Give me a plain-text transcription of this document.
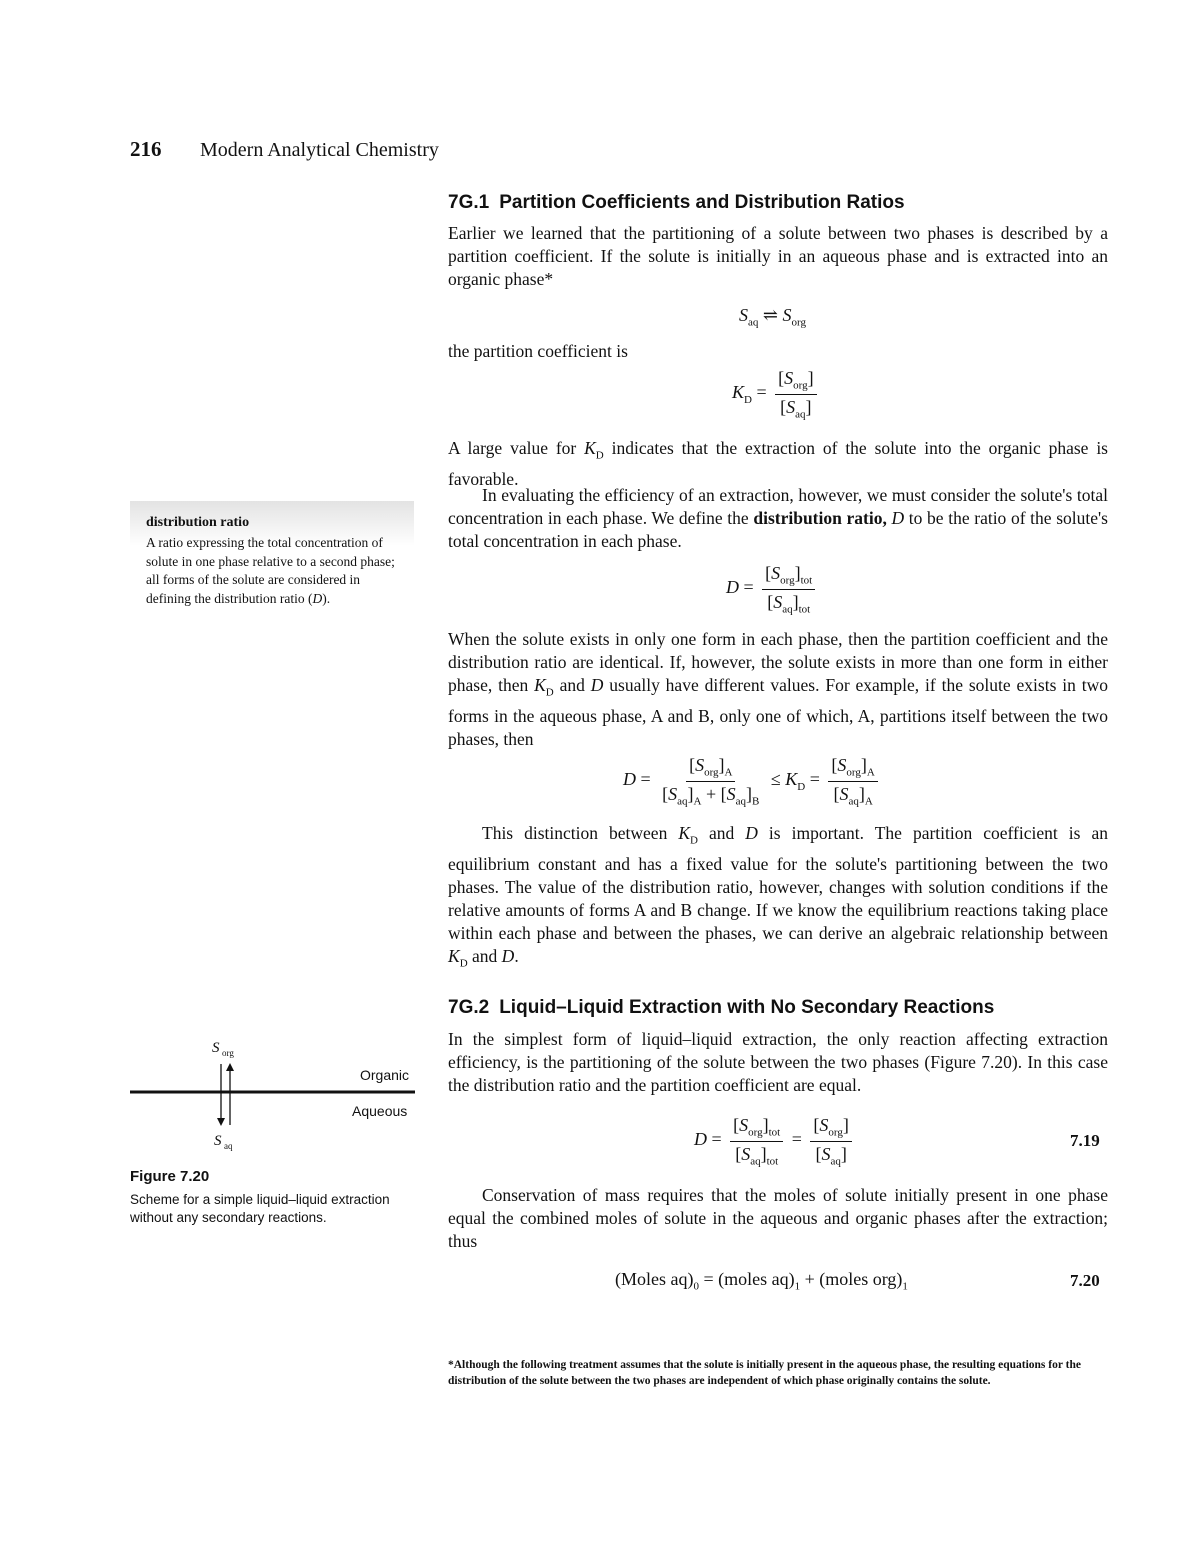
216 Modern Analytical Chemistry
7G.1 Partition Coefficients and Distribution Ratios

Earlier we learned that the partitioning of a solute between two phases is described by a partition coefficient. If the solute is initially in an aqueous phase and is extracted into an organic phase*

$S_{aq}$ ⇌ $S_{org}$
the partition coefficient is
$K_D = \frac{[S_{org}]}{[S_{aq}]}$

A large value for $K_D$ indicates that the extraction of the solute into the organic phase is favorable.

In evaluating the efficiency of an extraction, however, we must consider the solute's total concentration in each phase. We define the distribution ratio, D to be the ratio of the solute's total concentration in each phase.

$D = \frac{[S_{org}]_{tot}}{[S_{aq}]_{tot}}$

When the solute exists in only one form in each phase, then the partition coefficient and the distribution ratio are identical. If, however, the solute exists in more than one form in either phase, then $K_D$ and D usually have different values. For example, if the solute exists in two forms in the aqueous phase, A and B, only one of which, A, partitions itself between the two phases, then

$D = \frac{[S_{org}]_A}{[S_{aq}]_A + [S_{aq}]_B} \le K_D = \frac{[S_{org}]_A}{[S_{aq}]_A}$

This distinction between $K_D$ and D is important. The partition coefficient is an equilibrium constant and has a fixed value for the solute's partitioning between the two phases. The value of the distribution ratio, however, changes with solution conditions if the relative amounts of forms A and B change. If we know the equilibrium reactions taking place within each phase and between the phases, we can derive an algebraic relationship between $K_D$ and D.

7G.2 Liquid–Liquid Extraction with No Secondary Reactions

In the simplest form of liquid–liquid extraction, the only reaction affecting extraction efficiency, is the partitioning of the solute between the two phases (Figure 7.20). In this case the distribution ratio and the partition coefficient are equal.

$D = \frac{[S_{org}]_{tot}}{[S_{aq}]_{tot}} = \frac{[S_{org}]}{[S_{aq}]}$	7.19

Conservation of mass requires that the moles of solute initially present in one phase equal the combined moles of solute in the aqueous and organic phases after the extraction; thus

(Moles $aq)_0$ = (moles $aq)_1$ + (moles $org)_1$	7.20
*Although the following treatment assumes that the solute is initially present in the aqueous phase, the resulting equations for the distribution of the solute between the two phases are independent of which phase originally contains the solute.
distribution ratio
A ratio expressing the total concentration of solute in one phase relative to a second phase; all forms of the solute are considered in defining the distribution ratio (D).
S org
Organic
Aqueous
S aq
Figure 7.20
Scheme for a simple liquid–liquid extraction without any secondary reactions.
